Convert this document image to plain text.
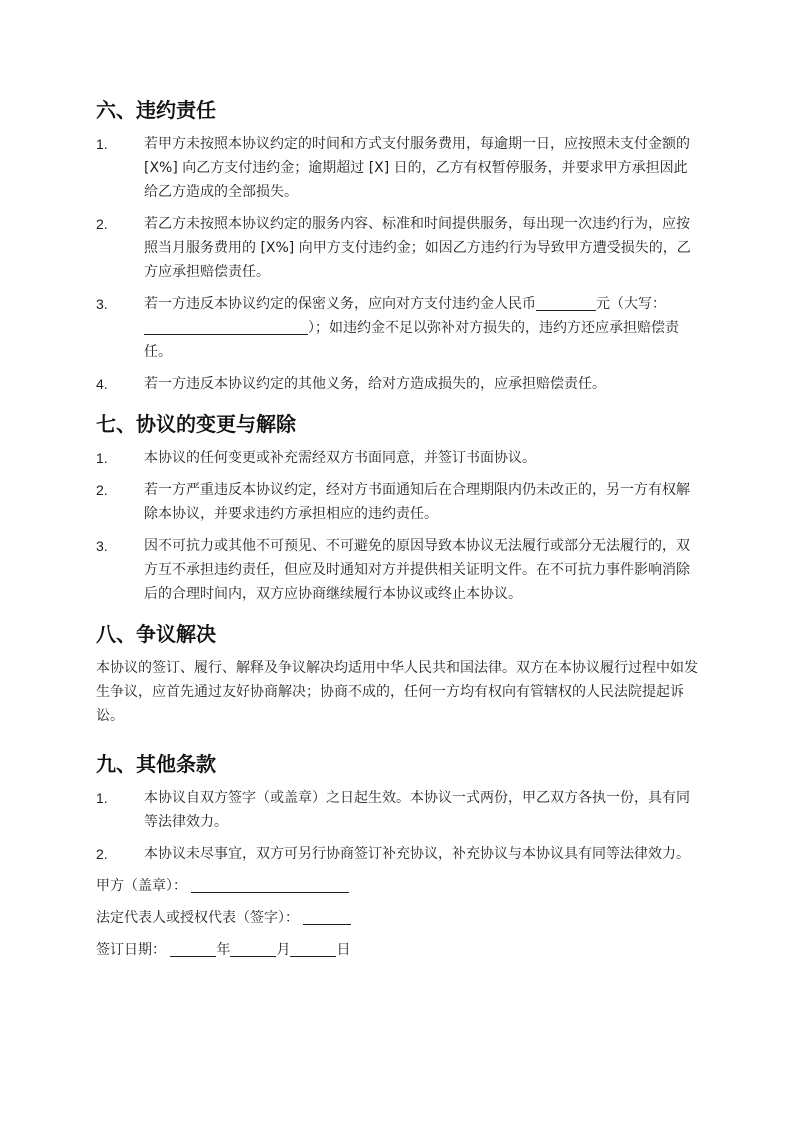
六、违约责任
1.	若甲方未按照本协议约定的时间和方式支付服务费用，每逾期一日，应按照未支付金额的 [X%] 向乙方支付违约金；逾期超过 [X] 日的，乙方有权暂停服务，并要求甲方承担因此给乙方造成的全部损失。
2.	若乙方未按照本协议约定的服务内容、标准和时间提供服务，每出现一次违约行为，应按照当月服务费用的 [X%] 向甲方支付违约金；如因乙方违约行为导致甲方遭受损失的，乙方应承担赔偿责任。
3.	若一方违反本协议约定的保密义务，应向对方支付违约金人民币	元（大写：）；如违约金不足以弥补对方损失的，违约方还应承担赔偿责任。
4.	若一方违反本协议约定的其他义务，给对方造成损失的，应承担赔偿责任。
七、协议的变更与解除
1.	本协议的任何变更或补充需经双方书面同意，并签订书面协议。
2.	若一方严重违反本协议约定，经对方书面通知后在合理期限内仍未改正的，另一方有权解除本协议，并要求违约方承担相应的违约责任。
3.	因不可抗力或其他不可预见、不可避免的原因导致本协议无法履行或部分无法履行的，双方互不承担违约责任，但应及时通知对方并提供相关证明文件。在不可抗力事件影响消除后的合理时间内，双方应协商继续履行本协议或终止本协议。
八、争议解决

本协议的签订、履行、解释及争议解决均适用中华人民共和国法律。双方在本协议履行过程中如发生争议，应首先通过友好协商解决；协商不成的，任何一方均有权向有管辖权的人民法院提起诉讼。

九、其他条款
1.	本协议自双方签字（或盖章）之日起生效。本协议一式两份，甲乙双方各执一份，具有同等法律效力。
2.	本协议未尽事宜，双方可另行协商签订补充协议，补充协议与本协议具有同等法律效力。
甲方（盖章）：
法定代表人或授权代表（签字）：
签订日期：	年	月	日
